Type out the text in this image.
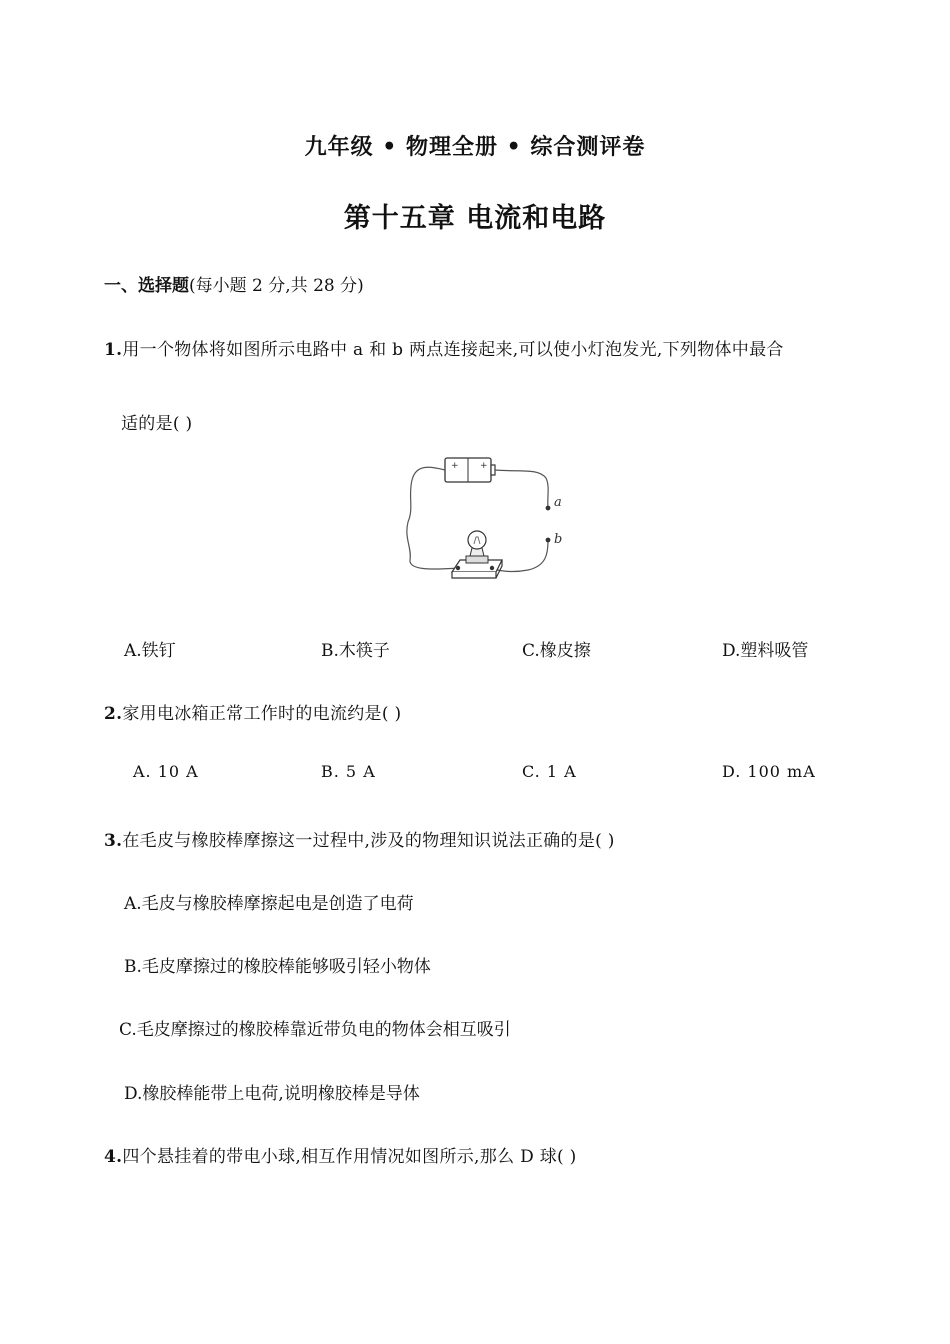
九年级 • 物理全册 • 综合测评卷
第十五章 电流和电路
一、选择题(每小题 2 分,共 28 分)
1.用一个物体将如图所示电路中 a 和 b 两点连接起来,可以使小灯泡发光,下列物体中最合
适的是( )
+ +
a
b
A.铁钉	B.木筷子	C.橡皮擦	D.塑料吸管
2.家用电冰箱正常工作时的电流约是( )
A. 10 A	B. 5 A	C. 1 A	D. 100 mA
3.在毛皮与橡胶棒摩擦这一过程中,涉及的物理知识说法正确的是( )
A.毛皮与橡胶棒摩擦起电是创造了电荷
B.毛皮摩擦过的橡胶棒能够吸引轻小物体
C.毛皮摩擦过的橡胶棒靠近带负电的物体会相互吸引
D.橡胶棒能带上电荷,说明橡胶棒是导体
4.四个悬挂着的带电小球,相互作用情况如图所示,那么 D 球( )
